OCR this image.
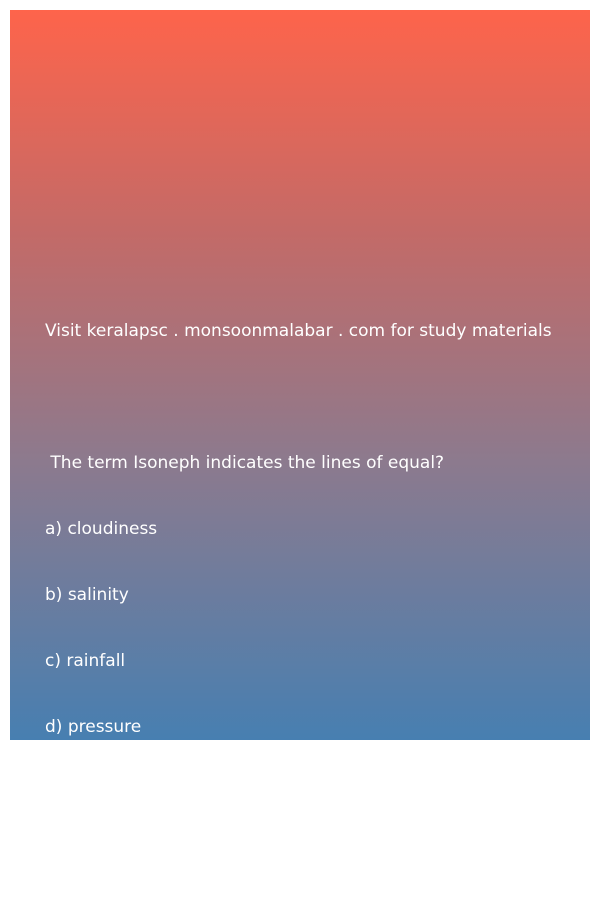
Visit keralapsc . monsoonmalabar . com for study materials

The term Isoneph indicates the lines of equal?

a) cloudiness

b) salinity

c) rainfall

d) pressure

Answer: cloudiness
